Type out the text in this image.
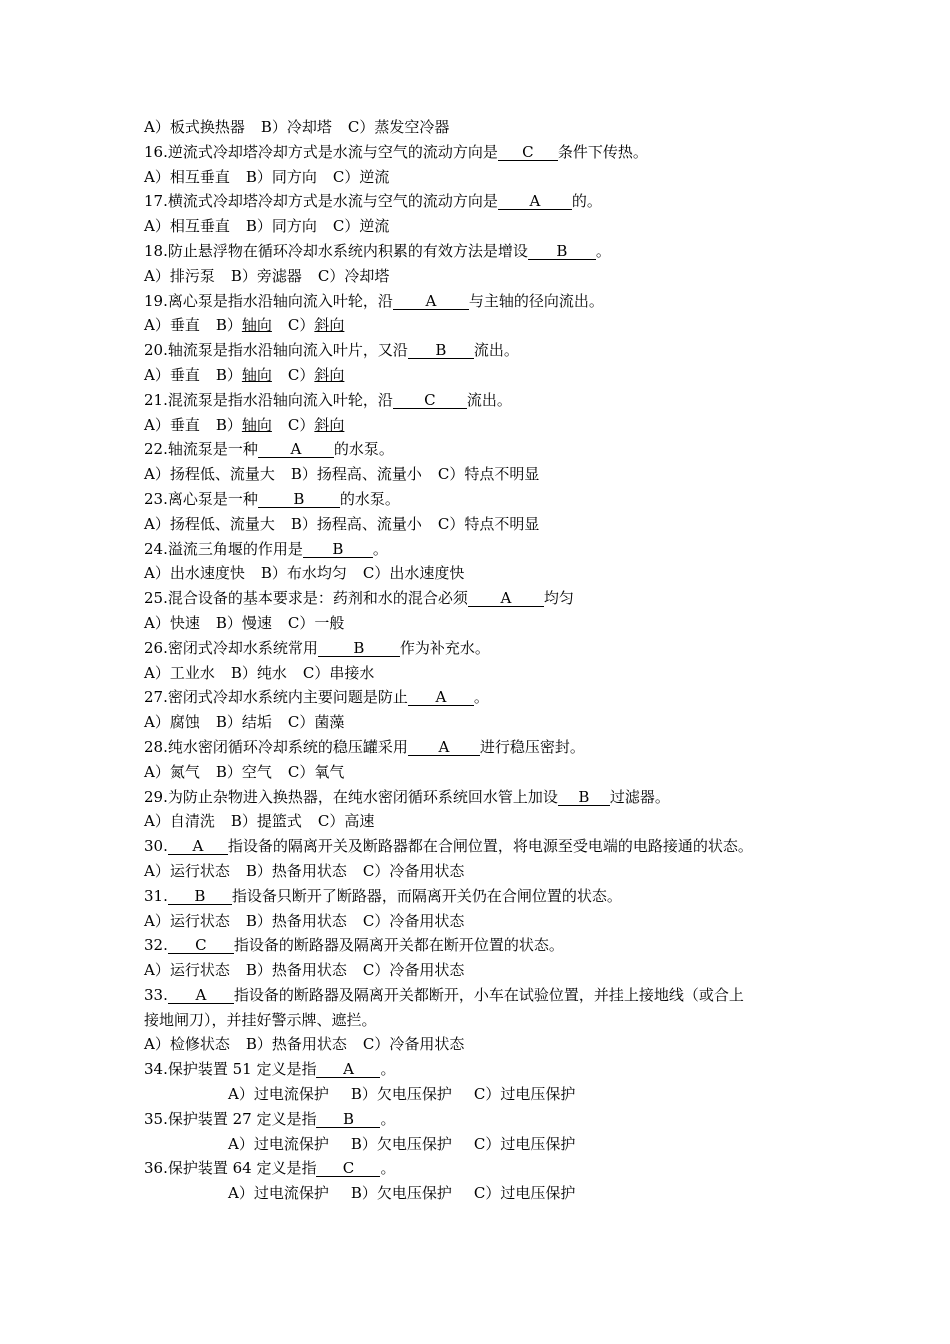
A）板式换热器 B）冷却塔 C）蒸发空冷器
16.逆流式冷却塔冷却方式是水流与空气的流动方向是 C 条件下传热。
A）相互垂直 B）同方向 C）逆流
17.横流式冷却塔冷却方式是水流与空气的流动方向是 A 的。
A）相互垂直 B）同方向 C）逆流
18.防止悬浮物在循环冷却水系统内积累的有效方法是增设 B 。
A）排污泵 B）旁滤器 C）冷却塔
19.离心泵是指水沿轴向流入叶轮，沿 A 与主轴的径向流出。
A）垂直 B）轴向 C）斜向
20.轴流泵是指水沿轴向流入叶片，又沿 B 流出。
A）垂直 B）轴向 C）斜向
21.混流泵是指水沿轴向流入叶轮，沿 C 流出。
A）垂直 B）轴向 C）斜向
22.轴流泵是一种 A 的水泵。
A）扬程低、流量大 B）扬程高、流量小 C）特点不明显
23.离心泵是一种 B 的水泵。
A）扬程低、流量大 B）扬程高、流量小 C）特点不明显
24.溢流三角堰的作用是 B 。
A）出水速度快 B）布水均匀 C）出水速度快
25.混合设备的基本要求是：药剂和水的混合必须 A 均匀
A）快速 B）慢速 C）一般
26.密闭式冷却水系统常用 B 作为补充水。
A）工业水 B）纯水 C）串接水
27.密闭式冷却水系统内主要问题是防止 A 。
A）腐蚀 B）结垢 C）菌藻
28.纯水密闭循环冷却系统的稳压罐采用 A 进行稳压密封。
A）氮气 B）空气 C）氧气
29.为防止杂物进入换热器，在纯水密闭循环系统回水管上加设 B 过滤器。
A）自清洗 B）提篮式 C）高速
30. A 指设备的隔离开关及断路器都在合闸位置，将电源至受电端的电路接通的状态。
A）运行状态 B）热备用状态 C）冷备用状态
31. B 指设备只断开了断路器，而隔离开关仍在合闸位置的状态。
A）运行状态 B）热备用状态 C）冷备用状态
32. C 指设备的断路器及隔离开关都在断开位置的状态。
A）运行状态 B）热备用状态 C）冷备用状态
33. A 指设备的断路器及隔离开关都断开，小车在试验位置，并挂上接地线（或合上
接地闸刀），并挂好警示牌、遮拦。
A）检修状态 B）热备用状态 C）冷备用状态
34.保护装置 51 定义是指 A 。
A）过电流保护 B）欠电压保护 C）过电压保护
35.保护装置 27 定义是指 B 。
A）过电流保护 B）欠电压保护 C）过电压保护
36.保护装置 64 定义是指 C 。
A）过电流保护 B）欠电压保护 C）过电压保护
